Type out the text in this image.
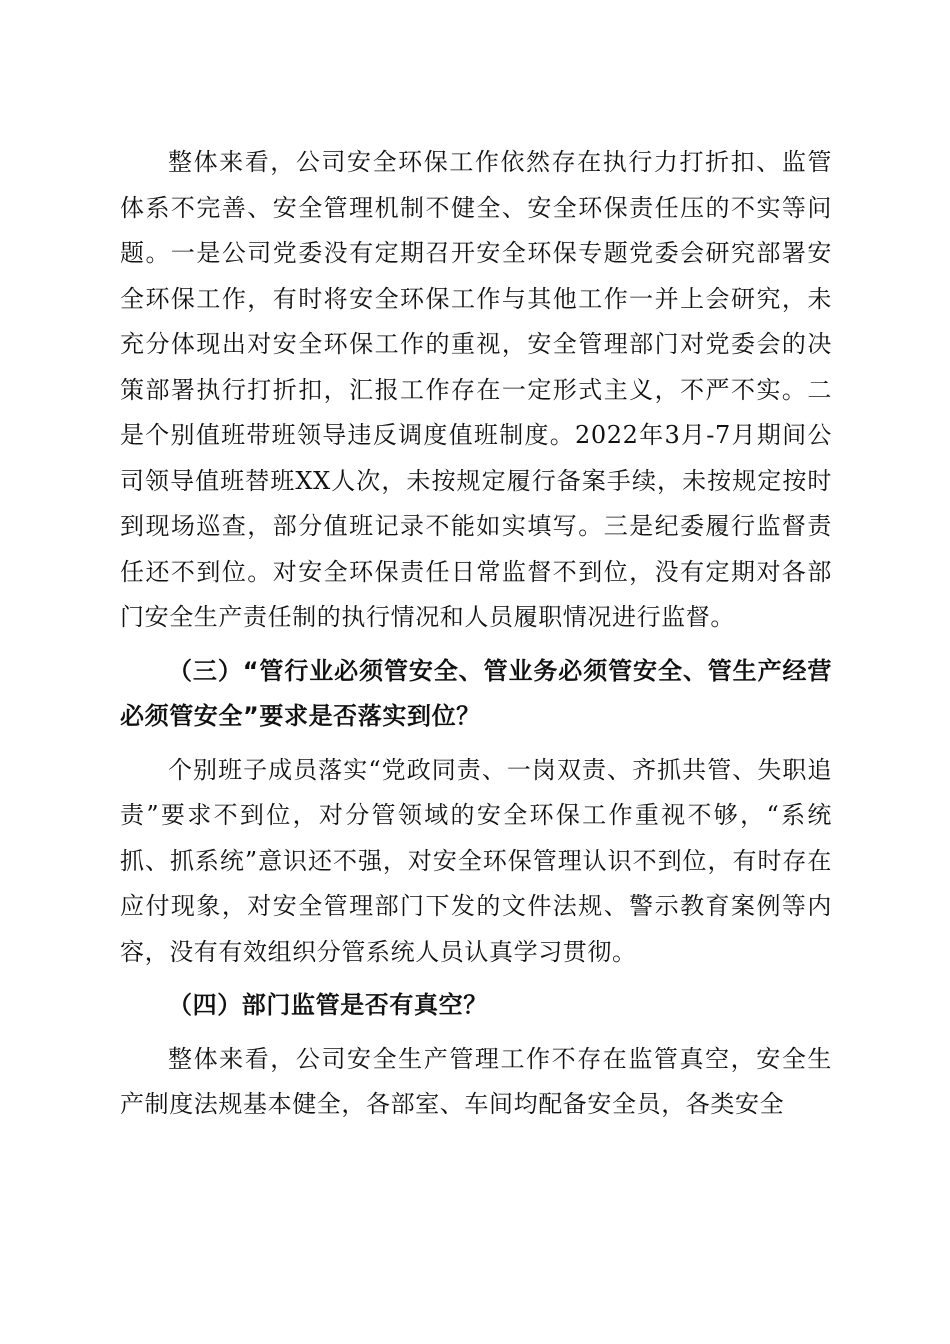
整体来看，公司安全环保工作依然存在执行力打折扣、监管体系不完善、安全管理机制不健全、安全环保责任压的不实等问题。一是公司党委没有定期召开安全环保专题党委会研究部署安全环保工作，有时将安全环保工作与其他工作一并上会研究，未充分体现出对安全环保工作的重视，安全管理部门对党委会的决策部署执行打折扣，汇报工作存在一定形式主义，不严不实。二是个别值班带班领导违反调度值班制度。2022年3月-7月期间公司领导值班替班XX人次，未按规定履行备案手续，未按规定按时到现场巡查，部分值班记录不能如实填写。三是纪委履行监督责任还不到位。对安全环保责任日常监督不到位，没有定期对各部门安全生产责任制的执行情况和人员履职情况进行监督。

（三）“管行业必须管安全、管业务必须管安全、管生产经营必须管安全”要求是否落实到位？

个别班子成员落实“党政同责、一岗双责、齐抓共管、失职追责”要求不到位，对分管领域的安全环保工作重视不够，“系统抓、抓系统”意识还不强，对安全环保管理认识不到位，有时存在应付现象，对安全管理部门下发的文件法规、警示教育案例等内容，没有有效组织分管系统人员认真学习贯彻。

（四）部门监管是否有真空？

整体来看，公司安全生产管理工作不存在监管真空，安全生产制度法规基本健全，各部室、车间均配备安全员，各类安全
